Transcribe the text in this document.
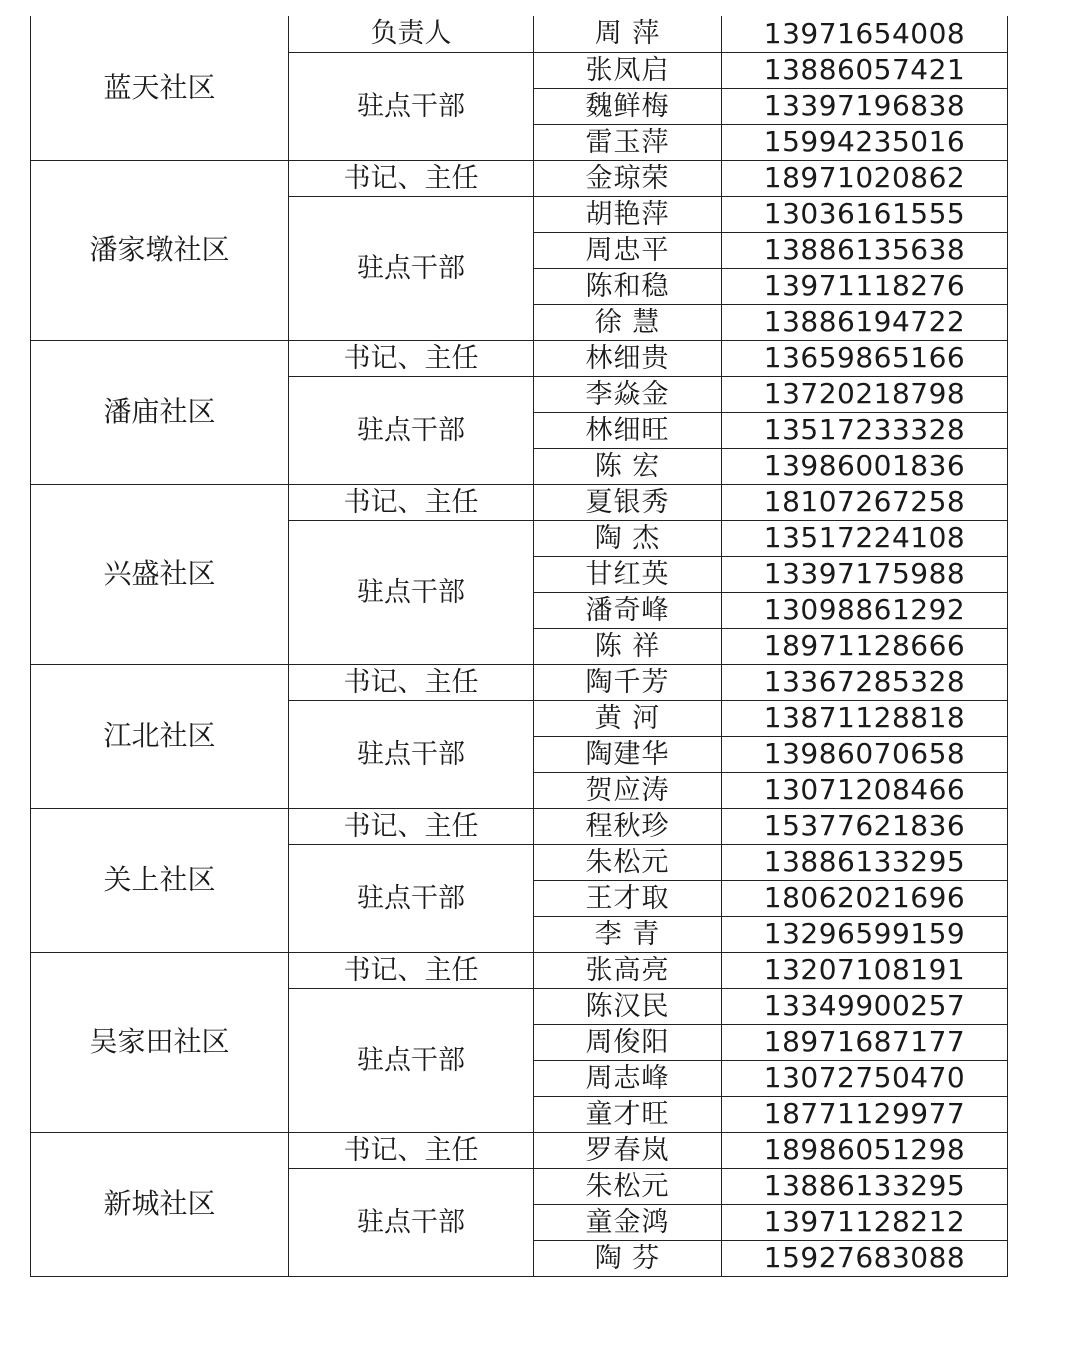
蓝天社区	负责人	周 萍	13971654008
	驻点干部	张凤启	13886057421
		魏鲜梅	13397196838
		雷玉萍	15994235016
潘家墩社区	书记、主任	金琼荣	18971020862
	驻点干部	胡艳萍	13036161555
		周忠平	13886135638
		陈和稳	13971118276
		徐 慧	13886194722
潘庙社区	书记、主任	林细贵	13659865166
	驻点干部	李焱金	13720218798
		林细旺	13517233328
		陈 宏	13986001836
兴盛社区	书记、主任	夏银秀	18107267258
	驻点干部	陶 杰	13517224108
		甘红英	13397175988
		潘奇峰	13098861292
		陈 祥	18971128666
江北社区	书记、主任	陶千芳	13367285328
	驻点干部	黄 河	13871128818
		陶建华	13986070658
		贺应涛	13071208466
关上社区	书记、主任	程秋珍	15377621836
	驻点干部	朱松元	13886133295
		王才取	18062021696
		李 青	13296599159
吴家田社区	书记、主任	张高亮	13207108191
	驻点干部	陈汉民	13349900257
		周俊阳	18971687177
		周志峰	13072750470
		童才旺	18771129977
新城社区	书记、主任	罗春岚	18986051298
	驻点干部	朱松元	13886133295
		童金鸿	13971128212
		陶 芬	15927683088
